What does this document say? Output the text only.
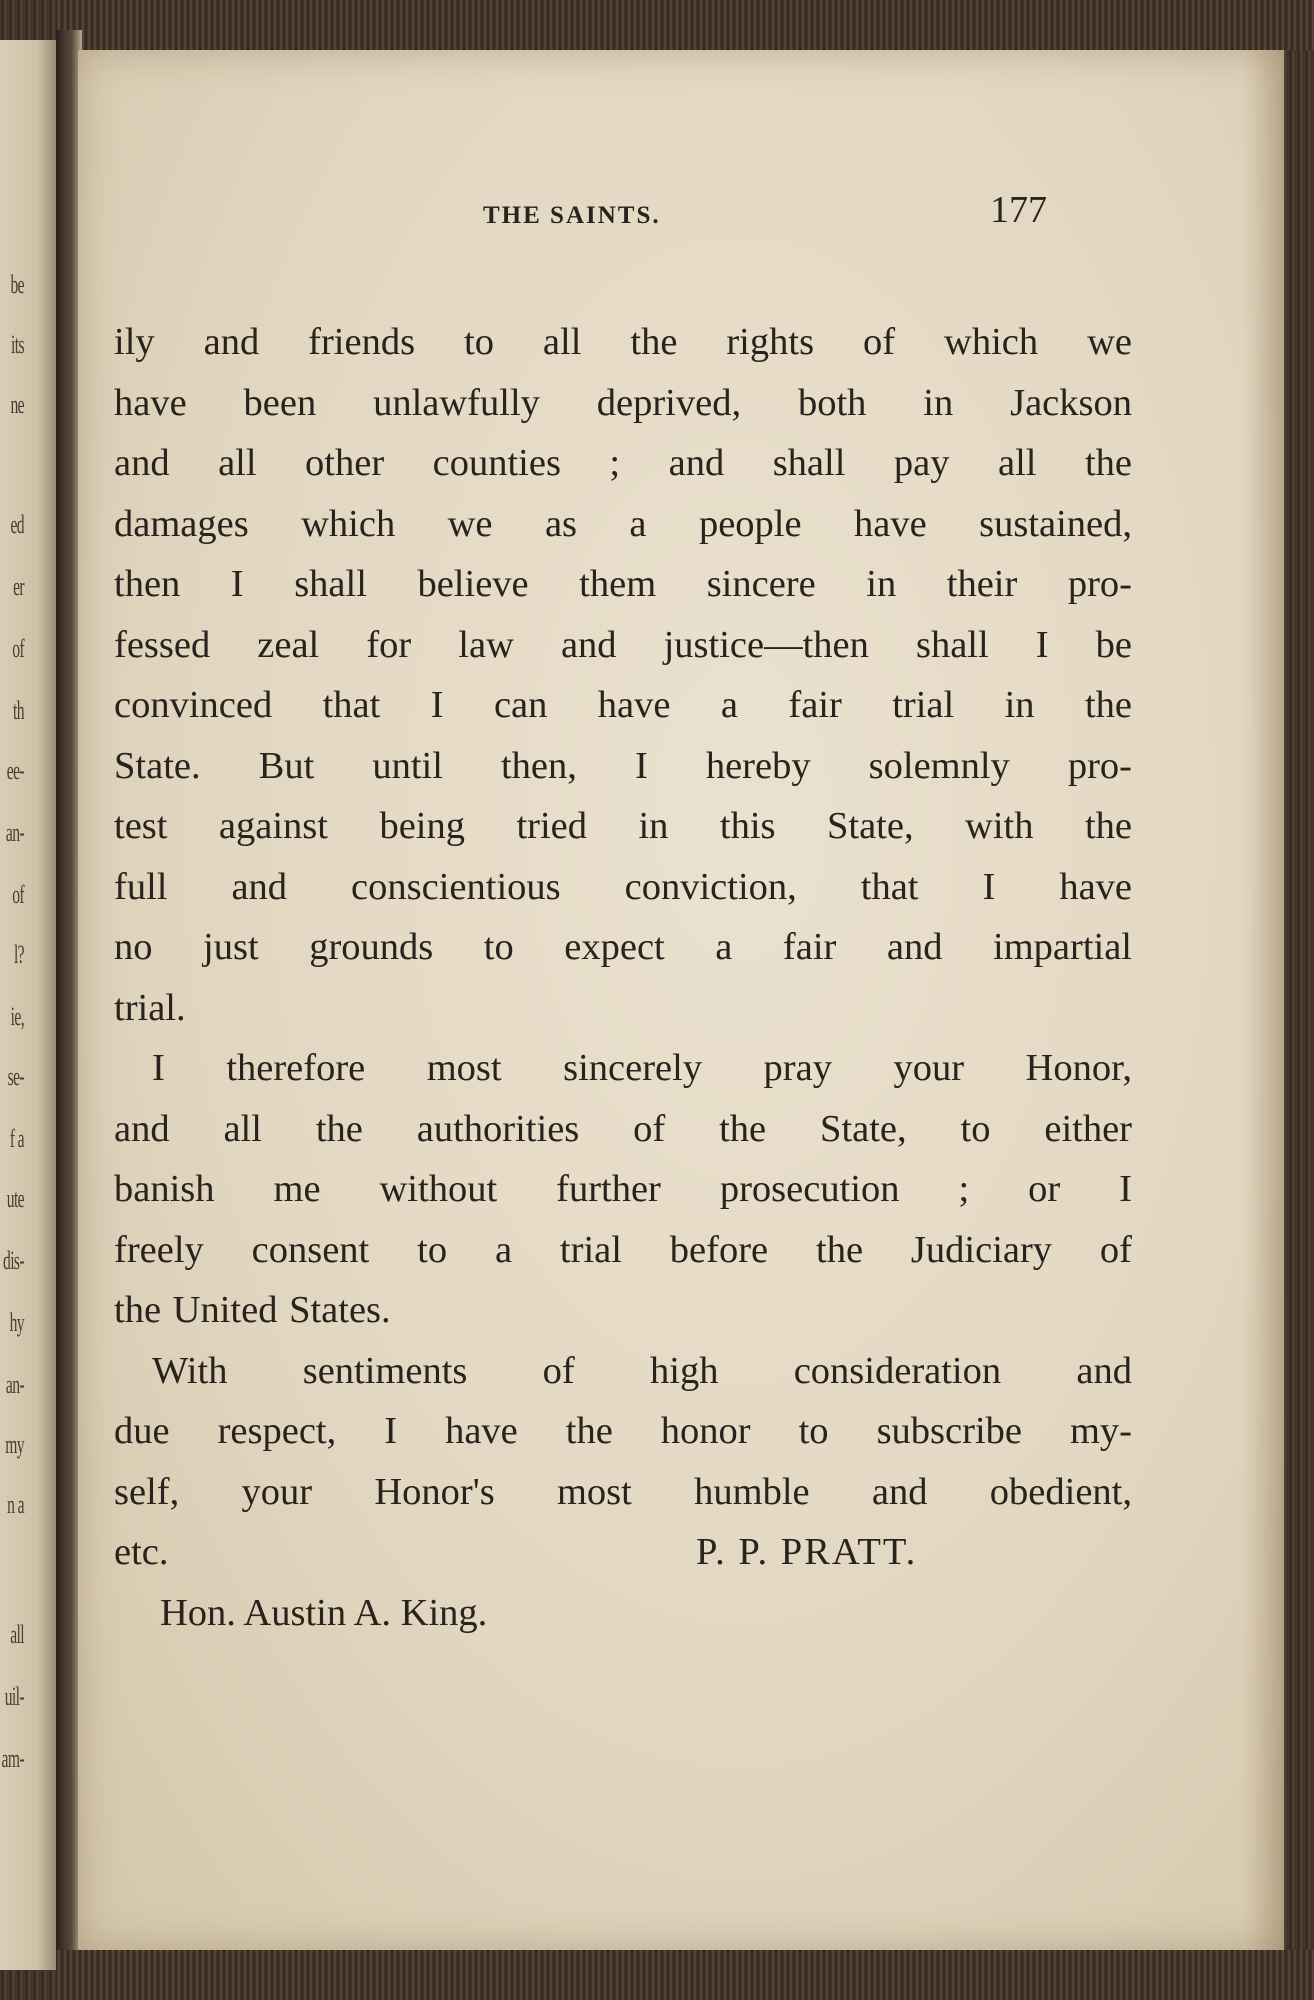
be
its
ne
ed
er
of
th
ee-
an-
of
l?
ie,
se-
f a
ute
dis-
hy
an-
my
n a
all
uil-
am-
THE SAINTS.	177
ily and friends to all the rights of which we
have been unlawfully deprived, both in Jackson
and all other counties ; and shall pay all the
damages which we as a people have sustained,
then I shall believe them sincere in their pro-
fessed zeal for law and justice—then shall I be
convinced that I can have a fair trial in the
State. But until then, I hereby solemnly pro-
test against being tried in this State, with the
full and conscientious conviction, that I have
no just grounds to expect a fair and impartial
trial.
I therefore most sincerely pray your Honor,
and all the authorities of the State, to either
banish me without further prosecution ; or I
freely consent to a trial before the Judiciary of
the United States.
With sentiments of high consideration and
due respect, I have the honor to subscribe my-
self, your Honor's most humble and obedient,
etc.	P. P. PRATT.
Hon. Austin A. King.
